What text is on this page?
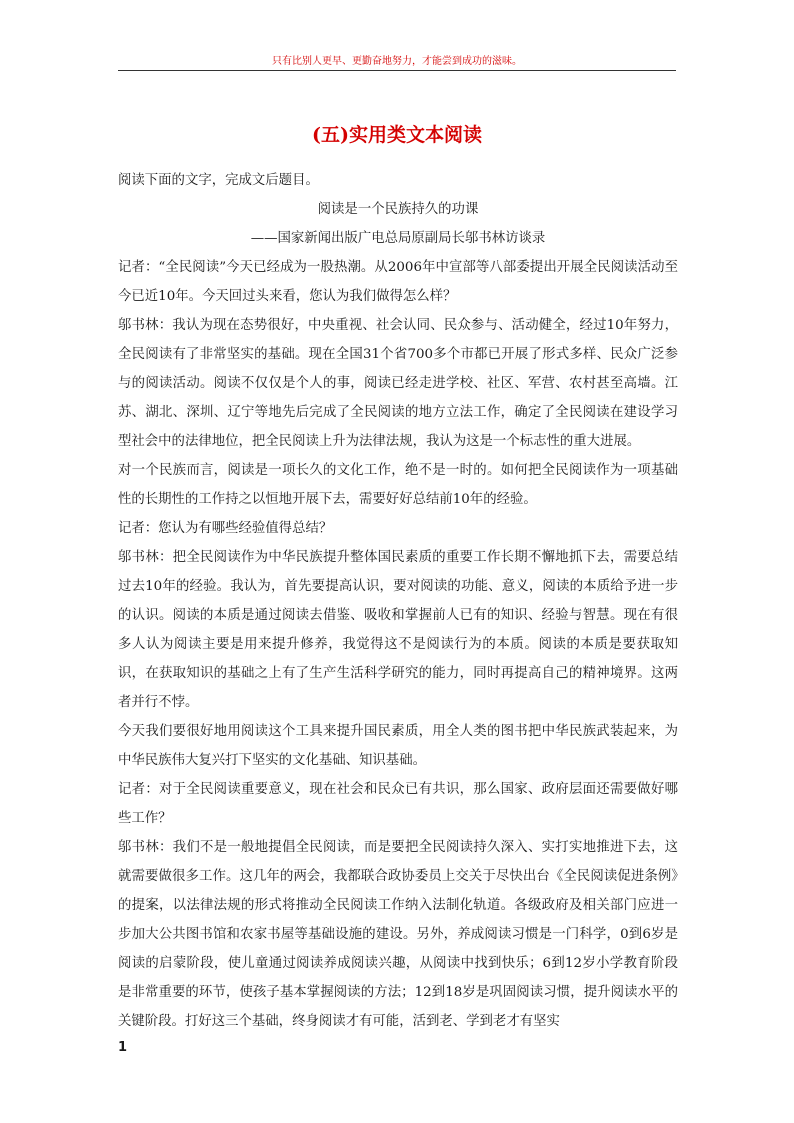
只有比别人更早、更勤奋地努力，才能尝到成功的滋味。
(五)实用类文本阅读

阅读下面的文字，完成文后题目。

阅读是一个民族持久的功课

——国家新闻出版广电总局原副局长邬书林访谈录

记者：“全民阅读”今天已经成为一股热潮。从2006年中宣部等八部委提出开展全民阅读活动至今已近10年。今天回过头来看，您认为我们做得怎么样？

邬书林：我认为现在态势很好，中央重视、社会认同、民众参与、活动健全，经过10年努力，全民阅读有了非常坚实的基础。现在全国31个省700多个市都已开展了形式多样、民众广泛参与的阅读活动。阅读不仅仅是个人的事，阅读已经走进学校、社区、军营、农村甚至高墙。江苏、湖北、深圳、辽宁等地先后完成了全民阅读的地方立法工作，确定了全民阅读在建设学习型社会中的法律地位，把全民阅读上升为法律法规，我认为这是一个标志性的重大进展。

对一个民族而言，阅读是一项长久的文化工作，绝不是一时的。如何把全民阅读作为一项基础性的长期性的工作持之以恒地开展下去，需要好好总结前10年的经验。

记者：您认为有哪些经验值得总结？

邬书林：把全民阅读作为中华民族提升整体国民素质的重要工作长期不懈地抓下去，需要总结过去10年的经验。我认为，首先要提高认识，要对阅读的功能、意义，阅读的本质给予进一步的认识。阅读的本质是通过阅读去借鉴、吸收和掌握前人已有的知识、经验与智慧。现在有很多人认为阅读主要是用来提升修养，我觉得这不是阅读行为的本质。阅读的本质是要获取知识，在获取知识的基础之上有了生产生活科学研究的能力，同时再提高自己的精神境界。这两者并行不悖。

今天我们要很好地用阅读这个工具来提升国民素质，用全人类的图书把中华民族武装起来，为中华民族伟大复兴打下坚实的文化基础、知识基础。

记者：对于全民阅读重要意义，现在社会和民众已有共识，那么国家、政府层面还需要做好哪些工作？

邬书林：我们不是一般地提倡全民阅读，而是要把全民阅读持久深入、实打实地推进下去，这就需要做很多工作。这几年的两会，我都联合政协委员上交关于尽快出台《全民阅读促进条例》的提案，以法律法规的形式将推动全民阅读工作纳入法制化轨道。各级政府及相关部门应进一步加大公共图书馆和农家书屋等基础设施的建设。另外，养成阅读习惯是一门科学，0到6岁是阅读的启蒙阶段，使儿童通过阅读养成阅读兴趣，从阅读中找到快乐；6到12岁小学教育阶段是非常重要的环节，使孩子基本掌握阅读的方法；12到18岁是巩固阅读习惯，提升阅读水平的关键阶段。打好这三个基础，终身阅读才有可能，活到老、学到老才有坚实

1
